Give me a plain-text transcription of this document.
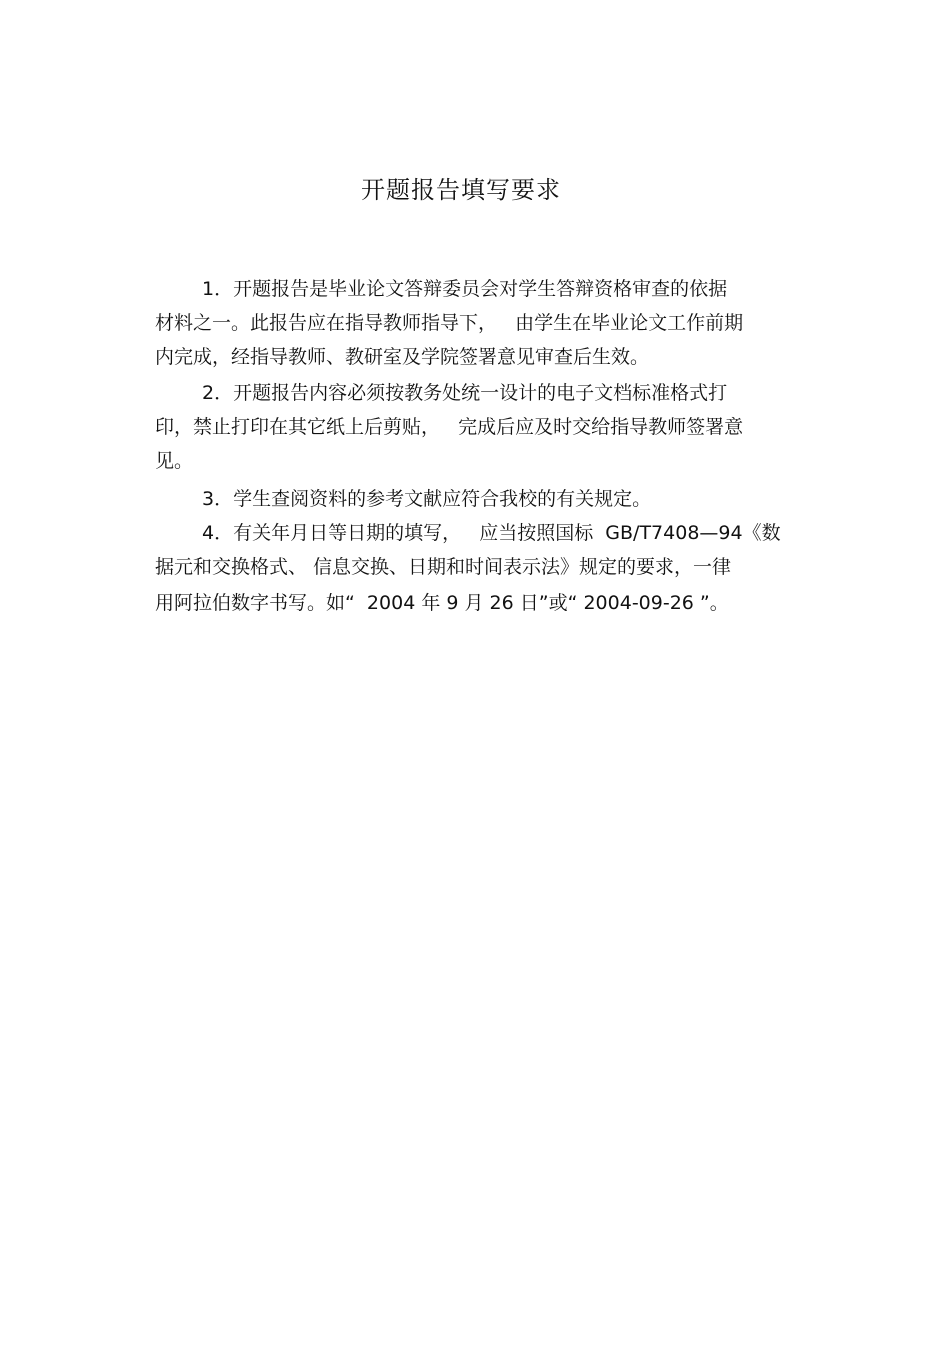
开题报告填写要求

1．开题报告是毕业论文答辩委员会对学生答辩资格审查的依据

材料之一。此报告应在指导教师指导下，   由学生在毕业论文工作前期

内完成，经指导教师、教研室及学院签署意见审查后生效。

2．开题报告内容必须按教务处统一设计的电子文档标准格式打

印，禁止打印在其它纸上后剪贴，   完成后应及时交给指导教师签署意

见。

3．学生查阅资料的参考文献应符合我校的有关规定。

4．有关年月日等日期的填写，   应当按照国标  GB/T7408—94《数

据元和交换格式、 信息交换、日期和时间表示法》规定的要求，一律

用阿拉伯数字书写。如“  2004 年 9 月 26 日”或“ 2004-09-26 ”。
